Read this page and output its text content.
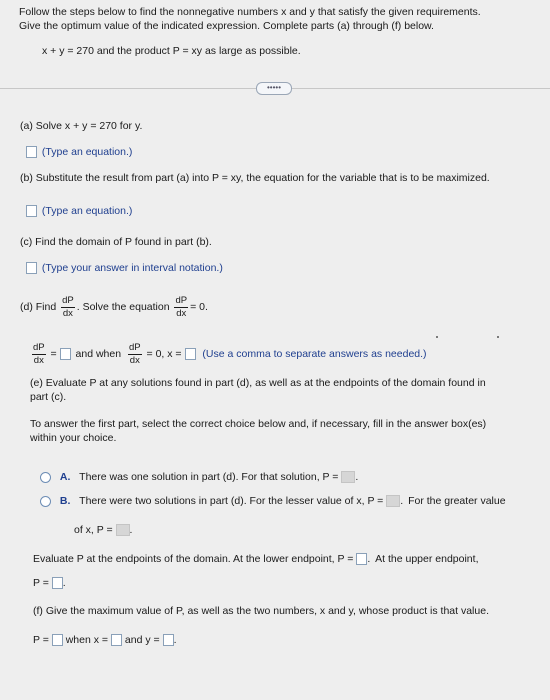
Follow the steps below to find the nonnegative numbers x and y that satisfy the given requirements.
Give the optimum value of the indicated expression. Complete parts (a) through (f) below.
x + y = 270 and the product P = xy as large as possible.
•••••
(a) Solve x + y = 270 for y.
(Type an equation.)
(b) Substitute the result from part (a) into P = xy, the equation for the variable that is to be maximized.
(Type an equation.)
(c) Find the domain of P found in part (b).
(Type your answer in interval notation.)
(d) Find $\frac{dP}{dx}$ . Solve the equation $\frac{dP}{dx} = 0$.
$\frac{dP}{dx}$ = and when $\frac{dP}{dx} = 0$, x = (Use a comma to separate answers as needed.)
(e) Evaluate P at any solutions found in part (d), as well as at the endpoints of the domain found in
part (c).
To answer the first part, select the correct choice below and, if necessary, fill in the answer box(es)
within your choice.
A. There was one solution in part (d). For that solution, P = .
B. There were two solutions in part (d). For the lesser value of x, P = . For the greater value
of x, P = .
Evaluate P at the endpoints of the domain. At the lower endpoint, P = . At the upper endpoint,
P = .
(f) Give the maximum value of P, as well as the two numbers, x and y, whose product is that value.
P = when x = and y = .
